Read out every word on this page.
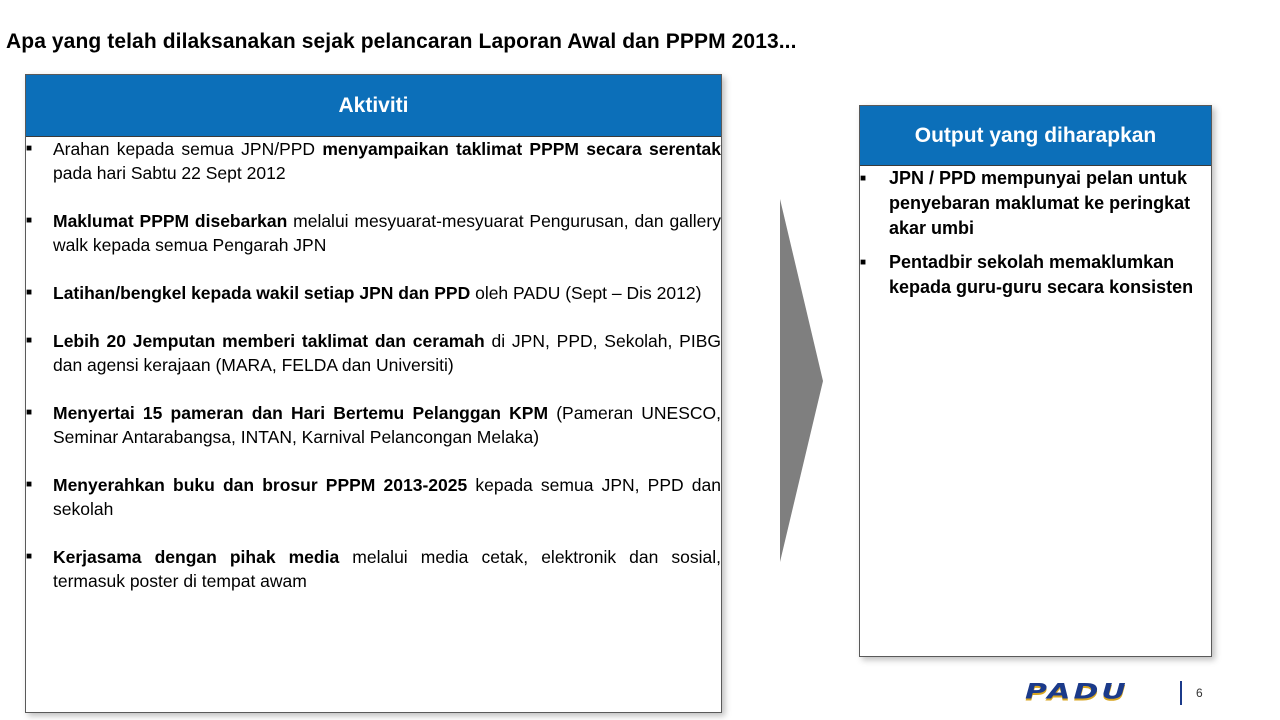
Apa yang telah dilaksanakan sejak pelancaran Laporan Awal dan PPPM 2013...
Aktiviti
■ Arahan kepada semua JPN/PPD menyampaikan taklimat PPPM secara serentak pada hari Sabtu 22 Sept 2012
■ Maklumat PPPM disebarkan melalui mesyuarat-mesyuarat Pengurusan, dan gallery walk kepada semua Pengarah JPN
■ Latihan/bengkel kepada wakil setiap JPN dan PPD oleh PADU (Sept – Dis 2012)
■ Lebih 20 Jemputan memberi taklimat dan ceramah di JPN, PPD, Sekolah, PIBG dan agensi kerajaan (MARA, FELDA dan Universiti)
■ Menyertai 15 pameran dan Hari Bertemu Pelanggan KPM (Pameran UNESCO, Seminar Antarabangsa, INTAN, Karnival Pelancongan Melaka)
■ Menyerahkan buku dan brosur PPPM 2013-2025 kepada semua JPN, PPD dan sekolah
■ Kerjasama dengan pihak media melalui media cetak, elektronik dan sosial, termasuk poster di tempat awam
Output yang diharapkan
■ JPN / PPD mempunyai pelan untuk penyebaran maklumat ke peringkat akar umbi
■ Pentadbir sekolah memaklumkan kepada guru-guru secara konsisten
PADU	6
